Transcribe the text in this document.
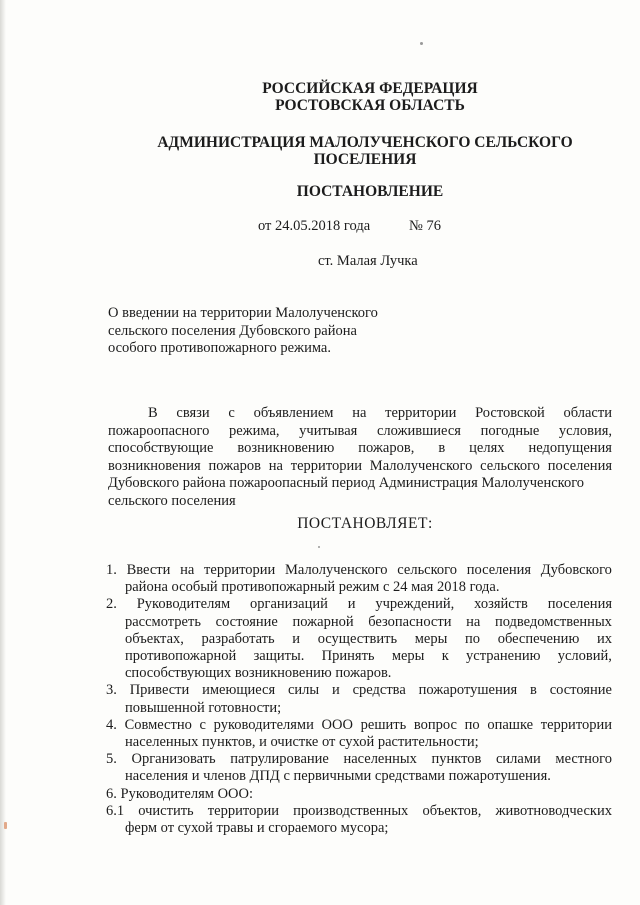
РОССИЙСКАЯ ФЕДЕРАЦИЯ
РОСТОВСКАЯ ОБЛАСТЬ
АДМИНИСТРАЦИЯ МАЛОЛУЧЕНСКОГО СЕЛЬСКОГО
ПОСЕЛЕНИЯ
ПОСТАНОВЛЕНИЕ
от 24.05.2018 года	№ 76
ст. Малая Лучка
О введении на территории Малолученского
сельского поселения Дубовского района
особого противопожарного режима.
В связи с объявлением на территории Ростовской области
пожароопасного режима, учитывая сложившиеся погодные условия,
способствующие возникновению пожаров, в целях недопущения
возникновения пожаров на территории Малолученского сельского поселения
Дубовского района пожароопасный период Администрация Малолученского
сельского поселения
ПОСТАНОВЛЯЕТ:
1. Ввести на территории Малолученского сельского поселения Дубовского
района особый противопожарный режим с 24 мая 2018 года.
2. Руководителям организаций и учреждений, хозяйств поселения
рассмотреть состояние пожарной безопасности на подведомственных
объектах, разработать и осуществить меры по обеспечению их
противопожарной защиты. Принять меры к устранению условий,
способствующих возникновению пожаров.
3. Привести имеющиеся силы и средства пожаротушения в состояние
повышенной готовности;
4. Совместно с руководителями ООО решить вопрос по опашке территории
населенных пунктов, и очистке от сухой растительности;
5. Организовать патрулирование населенных пунктов силами местного
населения и членов ДПД с первичными средствами пожаротушения.
6. Руководителям ООО:
6.1 очистить территории производственных объектов, животноводческих
ферм от сухой травы и сгораемого мусора;
